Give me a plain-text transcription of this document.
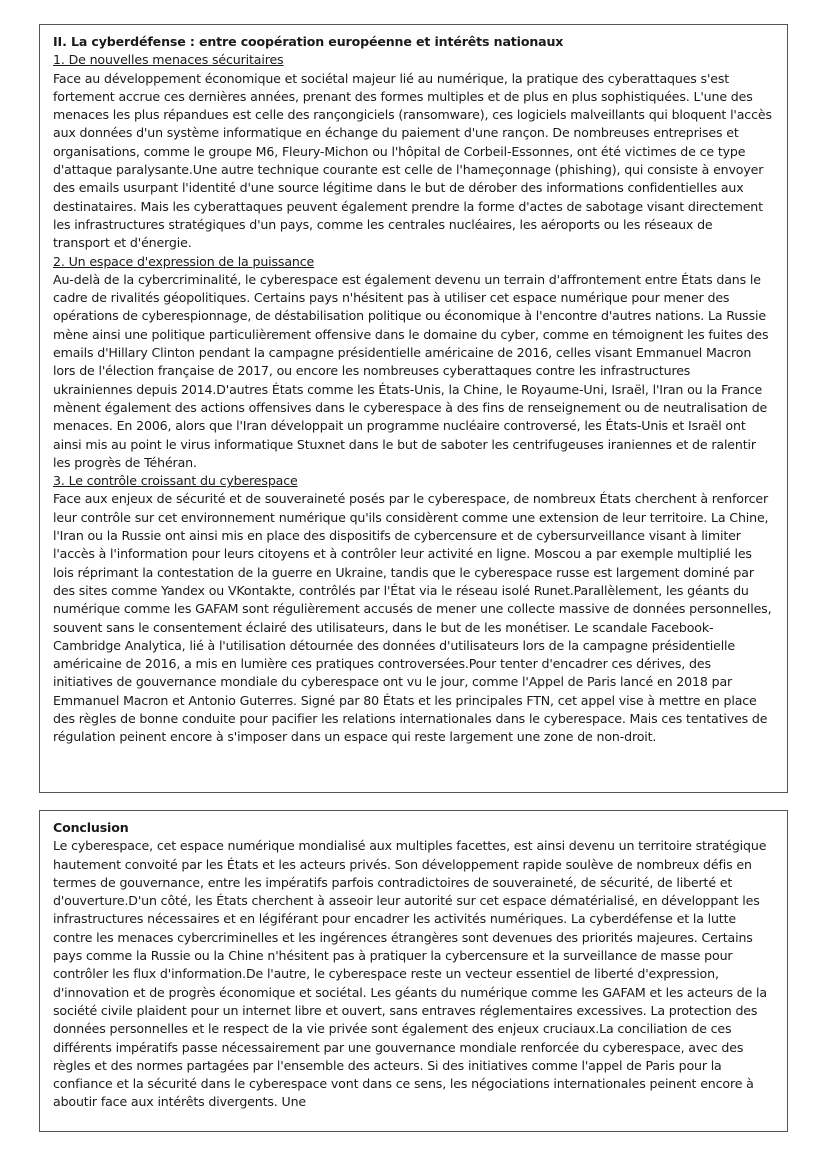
II. La cyberdéfense : entre coopération européenne et intérêts nationaux
1. De nouvelles menaces sécuritaires
Face au développement économique et sociétal majeur lié au numérique, la pratique des cyberattaques s'est fortement accrue ces dernières années, prenant des formes multiples et de plus en plus sophistiquées. L'une des menaces les plus répandues est celle des rançongiciels (ransomware), ces logiciels malveillants qui bloquent l'accès aux données d'un système informatique en échange du paiement d'une rançon. De nombreuses entreprises et organisations, comme le groupe M6, Fleury-Michon ou l'hôpital de Corbeil-Essonnes, ont été victimes de ce type d'attaque paralysante.Une autre technique courante est celle de l'hameçonnage (phishing), qui consiste à envoyer des emails usurpant l'identité d'une source légitime dans le but de dérober des informations confidentielles aux destinataires. Mais les cyberattaques peuvent également prendre la forme d'actes de sabotage visant directement les infrastructures stratégiques d'un pays, comme les centrales nucléaires, les aéroports ou les réseaux de transport et d'énergie.
2. Un espace d'expression de la puissance
Au-delà de la cybercriminalité, le cyberespace est également devenu un terrain d'affrontement entre États dans le cadre de rivalités géopolitiques. Certains pays n'hésitent pas à utiliser cet espace numérique pour mener des opérations de cyberespionnage, de déstabilisation politique ou économique à l'encontre d'autres nations. La Russie mène ainsi une politique particulièrement offensive dans le domaine du cyber, comme en témoignent les fuites des emails d'Hillary Clinton pendant la campagne présidentielle américaine de 2016, celles visant Emmanuel Macron lors de l'élection française de 2017, ou encore les nombreuses cyberattaques contre les infrastructures ukrainiennes depuis 2014.D'autres États comme les États-Unis, la Chine, le Royaume-Uni, Israël, l'Iran ou la France mènent également des actions offensives dans le cyberespace à des fins de renseignement ou de neutralisation de menaces. En 2006, alors que l'Iran développait un programme nucléaire controversé, les États-Unis et Israël ont ainsi mis au point le virus informatique Stuxnet dans le but de saboter les centrifugeuses iraniennes et de ralentir les progrès de Téhéran.
3. Le contrôle croissant du cyberespace
Face aux enjeux de sécurité et de souveraineté posés par le cyberespace, de nombreux États cherchent à renforcer leur contrôle sur cet environnement numérique qu'ils considèrent comme une extension de leur territoire. La Chine, l'Iran ou la Russie ont ainsi mis en place des dispositifs de cybercensure et de cybersurveillance visant à limiter l'accès à l'information pour leurs citoyens et à contrôler leur activité en ligne. Moscou a par exemple multiplié les lois réprimant la contestation de la guerre en Ukraine, tandis que le cyberespace russe est largement dominé par des sites comme Yandex ou VKontakte, contrôlés par l'État via le réseau isolé Runet.Parallèlement, les géants du numérique comme les GAFAM sont régulièrement accusés de mener une collecte massive de données personnelles, souvent sans le consentement éclairé des utilisateurs, dans le but de les monétiser. Le scandale Facebook-Cambridge Analytica, lié à l'utilisation détournée des données d'utilisateurs lors de la campagne présidentielle américaine de 2016, a mis en lumière ces pratiques controversées.Pour tenter d'encadrer ces dérives, des initiatives de gouvernance mondiale du cyberespace ont vu le jour, comme l'Appel de Paris lancé en 2018 par Emmanuel Macron et Antonio Guterres. Signé par 80 États et les principales FTN, cet appel vise à mettre en place des règles de bonne conduite pour pacifier les relations internationales dans le cyberespace. Mais ces tentatives de régulation peinent encore à s'imposer dans un espace qui reste largement une zone de non-droit.
Conclusion
Le cyberespace, cet espace numérique mondialisé aux multiples facettes, est ainsi devenu un territoire stratégique hautement convoité par les États et les acteurs privés. Son développement rapide soulève de nombreux défis en termes de gouvernance, entre les impératifs parfois contradictoires de souveraineté, de sécurité, de liberté et d'ouverture.D'un côté, les États cherchent à asseoir leur autorité sur cet espace dématérialisé, en développant les infrastructures nécessaires et en légiférant pour encadrer les activités numériques. La cyberdéfense et la lutte contre les menaces cybercriminelles et les ingérences étrangères sont devenues des priorités majeures. Certains pays comme la Russie ou la Chine n'hésitent pas à pratiquer la cybercensure et la surveillance de masse pour contrôler les flux d'information.De l'autre, le cyberespace reste un vecteur essentiel de liberté d'expression, d'innovation et de progrès économique et sociétal. Les géants du numérique comme les GAFAM et les acteurs de la société civile plaident pour un internet libre et ouvert, sans entraves réglementaires excessives. La protection des données personnelles et le respect de la vie privée sont également des enjeux cruciaux.La conciliation de ces différents impératifs passe nécessairement par une gouvernance mondiale renforcée du cyberespace, avec des règles et des normes partagées par l'ensemble des acteurs. Si des initiatives comme l'appel de Paris pour la confiance et la sécurité dans le cyberespace vont dans ce sens, les négociations internationales peinent encore à aboutir face aux intérêts divergents. Une
